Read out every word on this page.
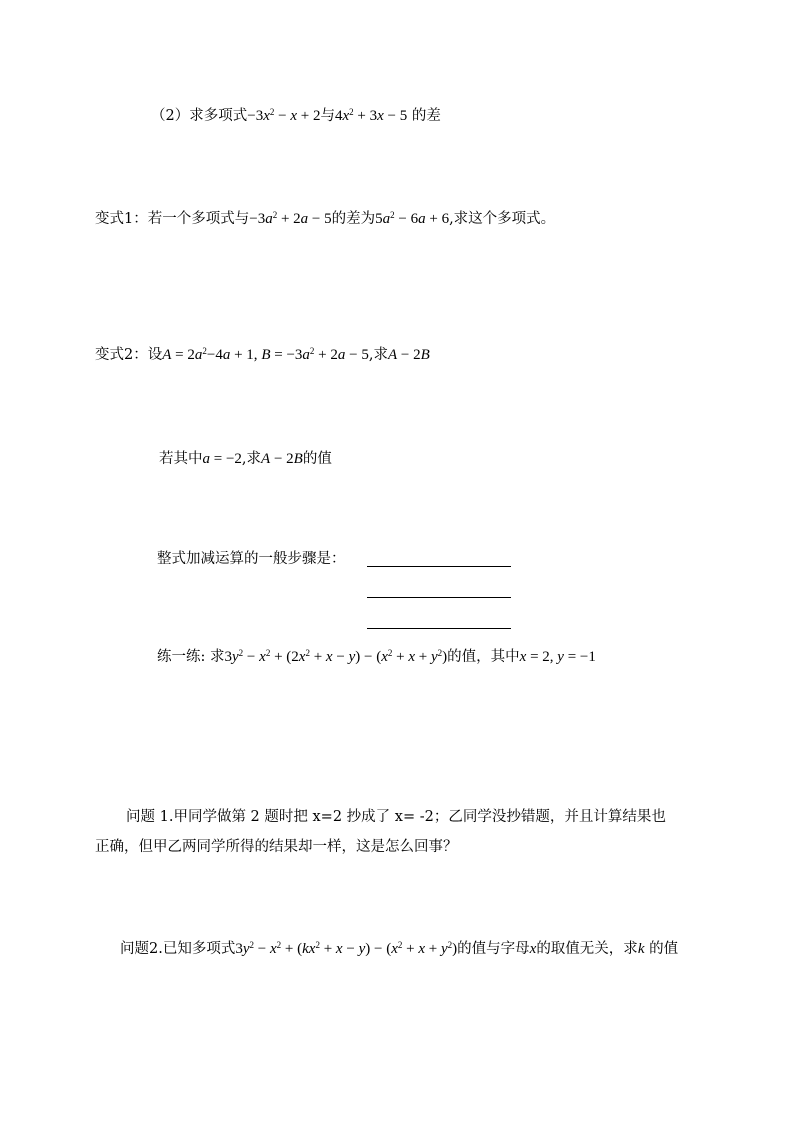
（2）求多项式$-3x^2 - x + 2$与$4x^2 + 3x - 5$ 的差
变式1：若一个多项式与$-3a^2 + 2a - 5$的差为$5a^2 - 6a + 6$,求这个多项式。
变式2：设$A = 2a^2-4a + 1$, $B = -3a^2 + 2a - 5$,求A − 2B
若其中a = −2,求A − 2B的值
整式加减运算的一般步骤是：
练一练: 求$3y^2 - x^2 + (2x^2 + x - y) - (x^2 + x + y^2)$的值，其中x = 2, y = −1
问题 1.甲同学做第 2 题时把 x=2 抄成了 x= -2；乙同学没抄错题，并且计算结果也
正确，但甲乙两同学所得的结果却一样，这是怎么回事？
问题2.已知多项式$3y^2 - x^2 + (kx^2 + x - y) - (x^2 + x + y^2)$的值与字母x的取值无关，求k 的值
